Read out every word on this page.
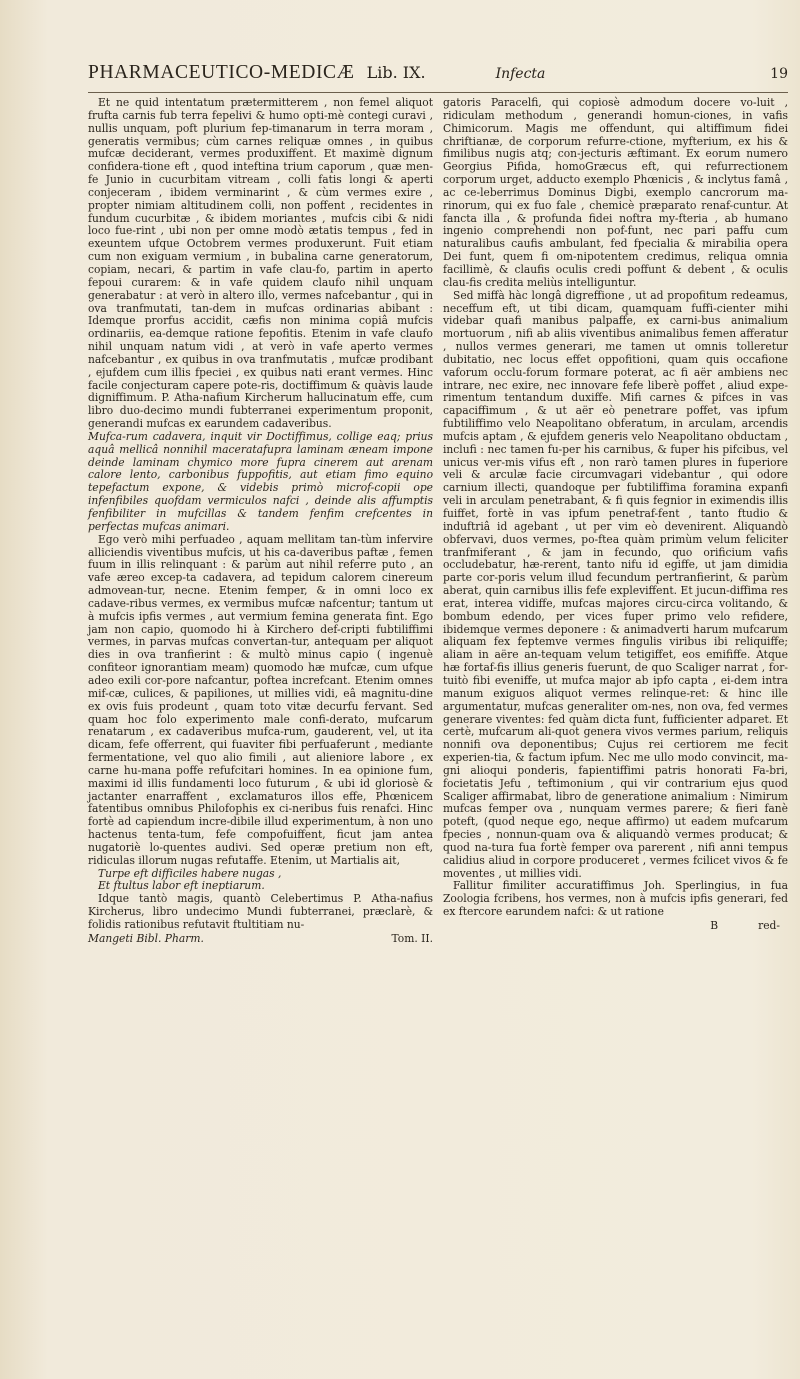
PHARMACEUTICO-MEDICÆ Lib. IX.	Infecta	19

Et ne quid intentatum prætermitterem , non femel aliquot frufta carnis fub terra fepelivi & humo opti-mè contegi curavi , nullis unquam, poft plurium fep-timanarum in terra moram , generatis vermibus; cùm carnes reliquæ omnes , in quibus mufcæ deciderant, vermes produxiffent. Et maximè dignum confidera-tione eft , quod inteftina trium caporum , quæ men-fe Junio in cucurbitam vitream , colli fatis longi & aperti conjeceram , ibidem verminarint , & cùm vermes exire , propter nimiam altitudinem colli, non poffent , recidentes in fundum cucurbitæ , & ibidem moriantes , mufcis cibi & nidi loco fue-rint , ubi non per omne modò ætatis tempus , fed in exeuntem ufque Octobrem vermes produxerunt. Fuit etiam cum non exiguam vermium , in bubalina carne generatorum, copiam, necari, & partim in vafe clau-fo, partim in aperto fepoui curarem: & in vafe quidem claufo nihil unquam generabatur : at verò in altero illo, vermes nafcebantur , qui in ova tranfmutati, tan-dem in mufcas ordinarias abibant : Idemque prorfus accidit, cæfis non minima copiâ mufcis ordinariis, ea-demque ratione fepofitis. Etenim in vafe claufo nihil unquam natum vidi , at verò in vafe aperto vermes nafcebantur , ex quibus in ova tranfmutatis , mufcæ prodibant , ejufdem cum illis fpeciei , ex quibus nati erant vermes. Hinc facile conjecturam capere pote-ris, doctiffimum & quàvis laude digniffimum. P. Atha-nafium Kircherum hallucinatum effe, cum libro duo-decimo mundi fubterranei experimentum proponit, generandi mufcas ex earundem cadaveribus.

Mufca-rum cadavera, inquit vir Doctiffimus, collige eaq; prius aquâ mellicâ nonnihil maceratafupra laminam æneam impone deinde laminam chymico more fupra cinerem aut arenam calore lento, carbonibus fuppofitis, aut etiam fimo equino tepefactum expone, & videbis primò microf-copii ope infenfibiles quofdam vermiculos nafci , deinde alis affumptis fenfibiliter in mufcillas & tandem fenfim crefcentes in perfectas mufcas animari.

Ego verò mihi perfuadeo , aquam mellitam tan-tùm infervire alliciendis viventibus mufcis, ut his ca-daveribus paftæ , femen fuum in illis relinquant : & parùm aut nihil referre puto , an vafe æreo excep-ta cadavera, ad tepidum calorem cinereum admovean-tur, necne. Etenim femper, & in omni loco ex cadave-ribus vermes, ex vermibus mufcæ nafcentur; tantum ut à mufcis ipfis vermes , aut vermium femina generata fint. Ego jam non capio, quomodo hi à Kirchero def-cripti fubtiliffimi vermes, in parvas mufcas convertan-tur, antequam per aliquot dies in ova tranfierint : & multò minus capio ( ingenuè confiteor ignorantiam meam) quomodo hæ mufcæ, cum ufque adeo exili cor-pore nafcantur, poftea increfcant. Etenim omnes mif-cæ, culices, & papiliones, ut millies vidi, eâ magnitu-dine ex ovis fuis prodeunt , quam toto vitæ decurfu fervant. Sed quam hoc folo experimento male confi-derato, mufcarum renatarum , ex cadaveribus mufca-rum, gauderent, vel, ut ita dicam, fefe offerrent, qui fuaviter fibi perfuaferunt , mediante fermentatione, vel quo alio fimili , aut alieniore labore , ex carne hu-mana poffe refufcitari homines. In ea opinione fum, maximi id illis fundamenti loco futurum , & ubi id gloriosè & jactanter enarraffent , exclamaturos illos effe, Phœnicem fatentibus omnibus Philofophis ex ci-neribus fuis renafci. Hinc fortè ad capiendum incre-dibile illud experimentum, à non uno hactenus tenta-tum, fefe compofuiffent, ficut jam antea nugatoriè lo-quentes audivi. Sed operæ pretium non eft, ridiculas illorum nugas refutaffe. Etenim, ut Martialis ait,

Turpe eft difficiles habere nugas ,

Et ftultus labor eft ineptiarum.

Idque tantò magis, quantò Celebertimus P. Atha-nafius Kircherus, libro undecimo Mundi fubterranei, præclarè, & folidis rationibus refutavit ftultitiam nu-

Mangeti Bibl. Pharm.	Tom. II.

gatoris Paracelfi, qui copiosè admodum docere vo-luit , ridiculam methodum , generandi homun-ciones, in vafis Chimicorum. Magis me offendunt, qui altiffimum fidei chriftianæ, de corporum refurre-ctione, myfterium, ex his & fimilibus nugis atq; con-jecturis æftimant. Ex eorum numero Georgius Pifida, homoGræcus eft, qui refurrectionem corporum urget, adducto exemplo Phœnicis , & inclytus famâ , ac ce-leberrimus Dominus Digbi, exemplo cancrorum ma-rinorum, qui ex fuo fale , chemicè præparato renaf-cuntur. At fancta illa , & profunda fidei noftra my-fteria , ab humano ingenio comprehendi non pof-funt, nec pari paffu cum naturalibus caufis ambulant, fed fpecialia & mirabilia opera Dei funt, quem fi om-nipotentem credimus, reliqua omnia facillimè, & claufis oculis credi poffunt & debent , & oculis clau-fis credita meliùs intelliguntur.

Sed miffà hàc longâ digreffione , ut ad propofitum redeamus, neceffum eft, ut tibi dicam, quamquam fuffi-cienter mihi videbar quafi manibus palpaffe, ex carni-bus animalium mortuorum , nifi ab aliis viventibus animalibus femen afferatur , nullos vermes generari, me tamen ut omnis tolleretur dubitatio, nec locus effet oppofitioni, quam quis occafione vaforum occlu-forum formare poterat, ac fi aër ambiens nec intrare, nec exire, nec innovare fefe liberè poffet , aliud expe-rimentum tentandum duxiffe. Mifi carnes & pifces in vas capaciffimum , & ut aër eò penetrare poffet, vas ipfum fubtiliffimo velo Neapolitano obferatum, in arculam, arcendis mufcis aptam , & ejufdem generis velo Neapolitano obductam , inclufi : nec tamen fu-per his carnibus, & fuper his pifcibus, vel unicus ver-mis vifus eft , non rarò tamen plures in fuperiore veli & arculæ facie circumvagari videbantur , qui odore carnium illecti, quandoque per fubtiliffima foramina expanfi veli in arculam penetrabant, & fi quis fegnior in eximendis illis fuiffet, fortè in vas ipfum penetraf-fent , tanto ftudio & induftriâ id agebant , ut per vim eò devenirent. Aliquandò obfervavi, duos vermes, po-ftea quàm primùm velum feliciter tranfmiferant , & jam in fecundo, quo orificium vafis occludebatur, hæ-rerent, tanto nifu id egiffe, ut jam dimidia parte cor-poris velum illud fecundum pertranfierint, & parùm aberat, quin carnibus illis fefe expleviffent. Et jucun-diffima res erat, interea vidiffe, mufcas majores circu-circa volitando, & bombum edendo, per vices fuper primo velo refidere, ibidemque vermes deponere : & animadverti harum mufcarum aliquam fex feptemve vermes fingulis viribus ibi reliquiffe; aliam in aëre an-tequam velum tetigiffet, eos emififfe. Atque hæ fortaf-fis illius generis fuerunt, de quo Scaliger narrat , for-tuitò fibi eveniffe, ut mufca major ab ipfo capta , ei-dem intra manum exiguos aliquot vermes relinque-ret: & hinc ille argumentatur, mufcas generaliter om-nes, non ova, fed vermes generare viventes: fed quàm dicta funt, fufficienter adparet. Et certè, mufcarum ali-quot genera vivos vermes parium, reliquis nonnifi ova deponentibus; Cujus rei certiorem me fecit experien-tia, & factum ipfum. Nec me ullo modo convincit, ma-gni alioqui ponderis, fapientiffimi patris honorati Fa-bri, focietatis Jefu , teftimonium , qui vir contrarium ejus quod Scaliger affirmabat, libro de generatione animalium : Nimirum mufcas femper ova , nunquam vermes parere; & fieri fanè poteft, (quod neque ego, neque affirmo) ut eadem mufcarum fpecies , nonnun-quam ova & aliquandò vermes producat; & quod na-tura fua fortè femper ova parerent , nifi anni tempus calidius aliud in corpore produceret , vermes fcilicet vivos & fe moventes , ut millies vidi.

Fallitur fimiliter accuratiffimus Joh. Sperlingius, in fua Zoologia fcribens, hos vermes, non à mufcis ipfis generari, fed ex ftercore earundem nafci: & ut ratione

B	red-
